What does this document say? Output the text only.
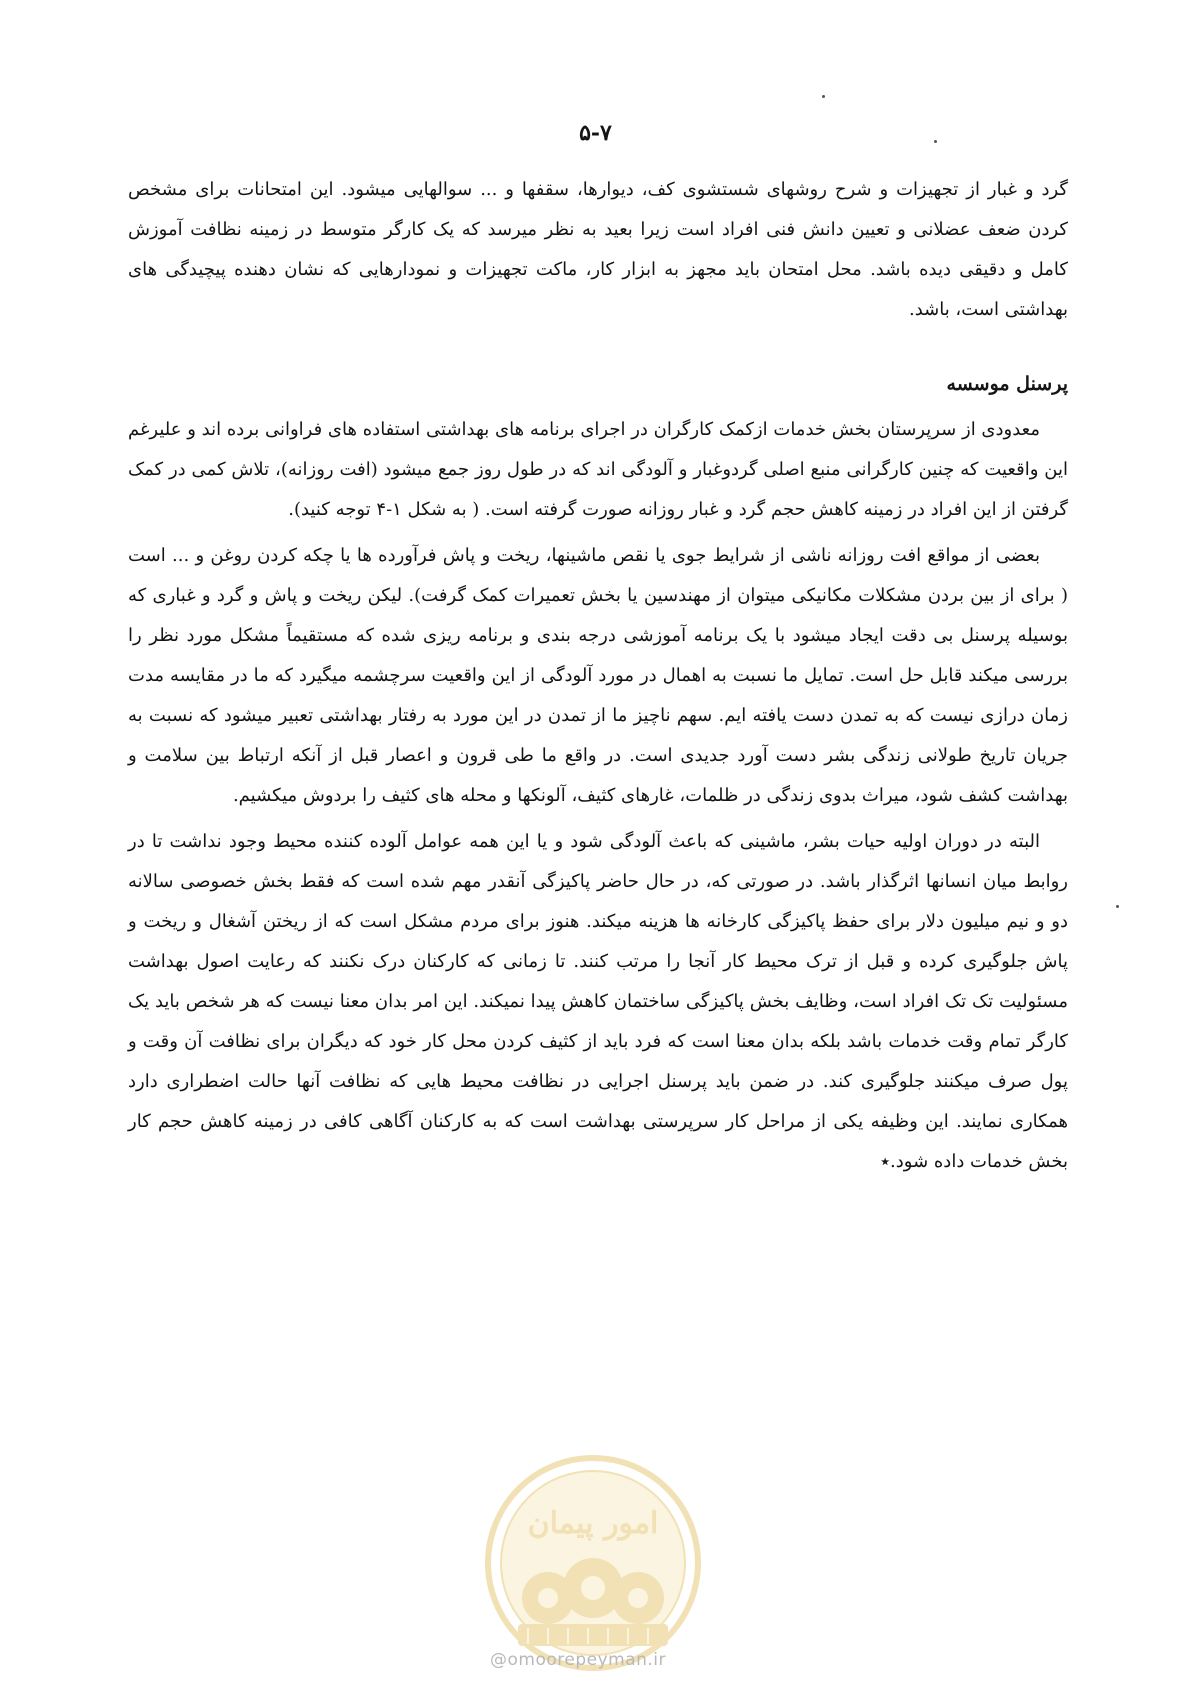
۵-۷

گرد و غبار از تجهیزات و شرح روشهای شستشوی کف، دیوارها، سقفها و ... سوالهایی میشود. این امتحانات برای مشخص کردن ضعف عضلانی و تعیین دانش فنی افراد است زیرا بعید به نظر میرسد که یک کارگر متوسط در زمینه نظافت آموزش کامل و دقیقی دیده باشد. محل امتحان باید مجهز به ابزار کار، ماکت تجهیزات و نمودارهایی که نشان دهنده پیچیدگی های بهداشتی است، باشد.

پرسنل موسسه

معدودی از سرپرستان بخش خدمات ازکمک کارگران در اجرای برنامه های بهداشتی استفاده های فراوانی برده اند و علیرغم این واقعیت که چنین کارگرانی منبع اصلی گردوغبار و آلودگی اند که در طول روز جمع میشود (افت روزانه)، تلاش کمی در کمک گرفتن از این افراد در زمینه کاهش حجم گرد و غبار روزانه صورت گرفته است. ( به شکل ۱-۴ توجه کنید).

بعضی از مواقع افت روزانه ناشی از شرایط جوی یا نقص ماشینها، ریخت و پاش فرآورده ها یا چکه کردن روغن و ... است ( برای از بین بردن مشکلات مکانیکی میتوان از مهندسین یا بخش تعمیرات کمک گرفت). لیکن ریخت و پاش و گرد و غباری که بوسیله پرسنل بی دقت ایجاد میشود با یک برنامه آموزشی درجه بندی و برنامه ریزی شده که مستقیماً مشکل مورد نظر را بررسی میکند قابل حل است. تمایل ما نسبت به اهمال در مورد آلودگی از این واقعیت سرچشمه میگیرد که ما در مقایسه مدت زمان درازی نیست که به تمدن دست یافته ایم. سهم ناچیز ما از تمدن در این مورد به رفتار بهداشتی تعبیر میشود که نسبت به جریان تاریخ طولانی زندگی بشر دست آورد جدیدی است. در واقع ما طی قرون و اعصار قبل از آنکه ارتباط بین سلامت و بهداشت کشف شود، میراث بدوی زندگی در ظلمات، غارهای کثیف، آلونکها و محله های کثیف را بردوش میکشیم.

البته در دوران اولیه حیات بشر، ماشینی که باعث آلودگی شود و یا این همه عوامل آلوده کننده محیط وجود نداشت تا در روابط میان انسانها اثرگذار باشد. در صورتی که، در حال حاضر پاکیزگی آنقدر مهم شده است که فقط بخش خصوصی سالانه دو و نیم میلیون دلار برای حفظ پاکیزگی کارخانه ها هزینه میکند. هنوز برای مردم مشکل است که از ریختن آشغال و ریخت و پاش جلوگیری کرده و قبل از ترک محیط کار آنجا را مرتب کنند. تا زمانی که کارکنان درک نکنند که رعایت اصول بهداشت مسئولیت تک تک افراد است، وظایف بخش پاکیزگی ساختمان کاهش پیدا نمیکند. این امر بدان معنا نیست که هر شخص باید یک کارگر تمام وقت خدمات باشد بلکه بدان معنا است که فرد باید از کثیف کردن محل کار خود که دیگران برای نظافت آن وقت و پول صرف میکنند جلوگیری کند. در ضمن باید پرسنل اجرایی در نظافت محیط هایی که نظافت آنها حالت اضطراری دارد همکاری نمایند. این وظیفه یکی از مراحل کار سرپرستی بهداشت است که به کارکنان آگاهی کافی در زمینه کاهش حجم کار بخش خدمات داده شود.٭

امور پیمان
@omoorepeyman.ir
